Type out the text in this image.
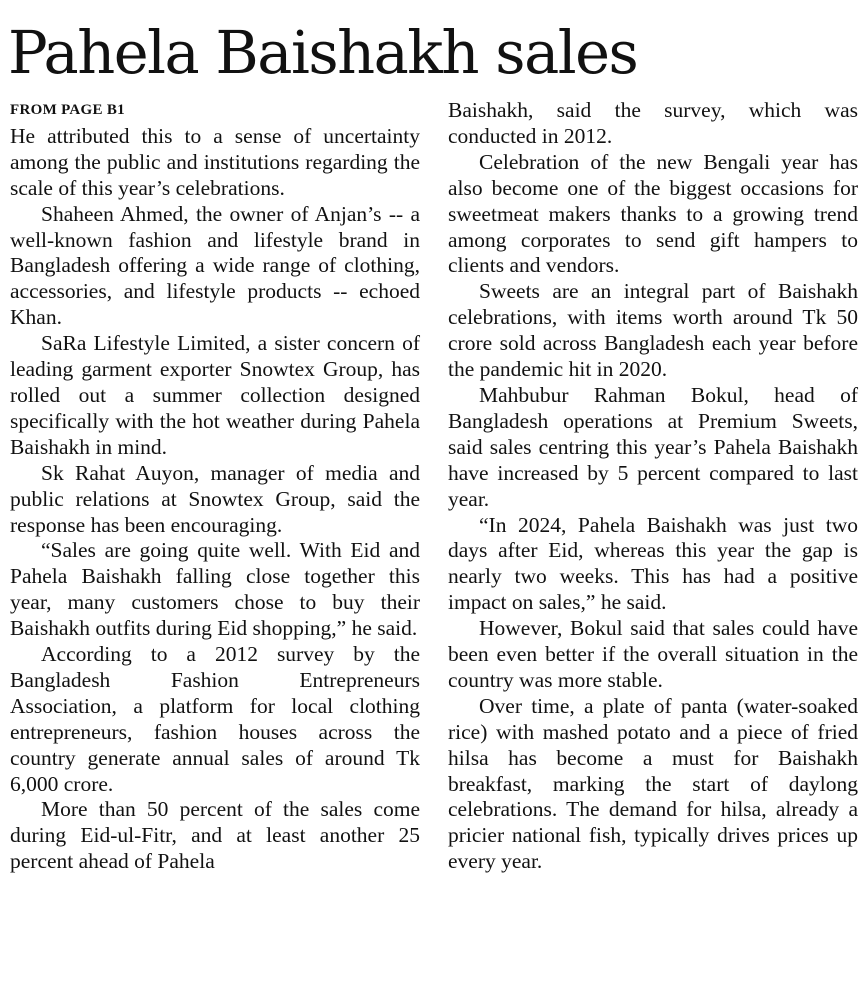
Pahela Baishakh sales
FROM PAGE B1

He attributed this to a sense of uncertainty among the public and institutions regarding the scale of this year’s celebrations.

Shaheen Ahmed, the owner of Anjan’s -- a well-known fashion and lifestyle brand in Bangladesh offering a wide range of clothing, accessories, and lifestyle products -- echoed Khan.

SaRa Lifestyle Limited, a sister concern of leading garment exporter Snowtex Group, has rolled out a summer collection designed specifically with the hot weather during Pahela Baishakh in mind.

Sk Rahat Auyon, manager of media and public relations at Snowtex Group, said the response has been encouraging.

“Sales are going quite well. With Eid and Pahela Baishakh falling close together this year, many customers chose to buy their Baishakh outfits during Eid shopping,” he said.

According to a 2012 survey by the Bangladesh Fashion Entrepreneurs Association, a platform for local clothing entrepreneurs, fashion houses across the country generate annual sales of around Tk 6,000 crore.

More than 50 percent of the sales come during Eid-ul-Fitr, and at least another 25 percent ahead of Pahela

Baishakh, said the survey, which was conducted in 2012.

Celebration of the new Bengali year has also become one of the biggest occasions for sweetmeat makers thanks to a growing trend among corporates to send gift hampers to clients and vendors.

Sweets are an integral part of Baishakh celebrations, with items worth around Tk 50 crore sold across Bangladesh each year before the pandemic hit in 2020.

Mahbubur Rahman Bokul, head of Bangladesh operations at Premium Sweets, said sales centring this year’s Pahela Baishakh have increased by 5 percent compared to last year.

“In 2024, Pahela Baishakh was just two days after Eid, whereas this year the gap is nearly two weeks. This has had a positive impact on sales,” he said.

However, Bokul said that sales could have been even better if the overall situation in the country was more stable.

Over time, a plate of panta (water-soaked rice) with mashed potato and a piece of fried hilsa has become a must for Baishakh breakfast, marking the start of daylong celebrations. The demand for hilsa, already a pricier national fish, typically drives prices up every year.
